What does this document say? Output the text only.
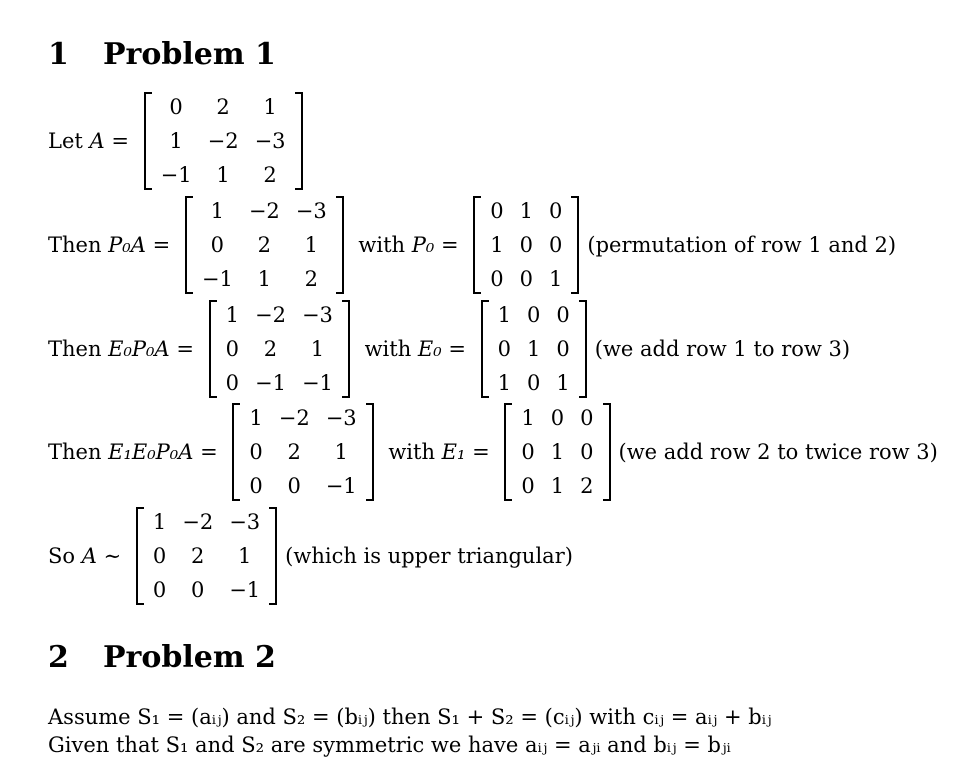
1 Problem 1
Let A =
0	2	1
1	−2	−3
−1	1	2
Then P₀A =
1	−2	−3
0	2	1
−1	1	2
with P₀ =
0	1	0
1	0	0
0	0	1
(permutation of row 1 and 2)
Then E₀P₀A =
1	−2	−3
0	2	1
0	−1	−1
with E₀ =
1	0	0
0	1	0
1	0	1
(we add row 1 to row 3)
Then E₁E₀P₀A =
1	−2	−3
0	2	1
0	0	−1
with E₁ =
1	0	0
0	1	0
0	1	2
(we add row 2 to twice row 3)
So A ∼
1	−2	−3
0	2	1
0	0	−1
(which is upper triangular)
2 Problem 2
Assume S₁ = (aᵢⱼ) and S₂ = (bᵢⱼ) then S₁ + S₂ = (cᵢⱼ) with cᵢⱼ = aᵢⱼ + bᵢⱼ
Given that S₁ and S₂ are symmetric we have aᵢⱼ = aⱼᵢ and bᵢⱼ = bⱼᵢ
